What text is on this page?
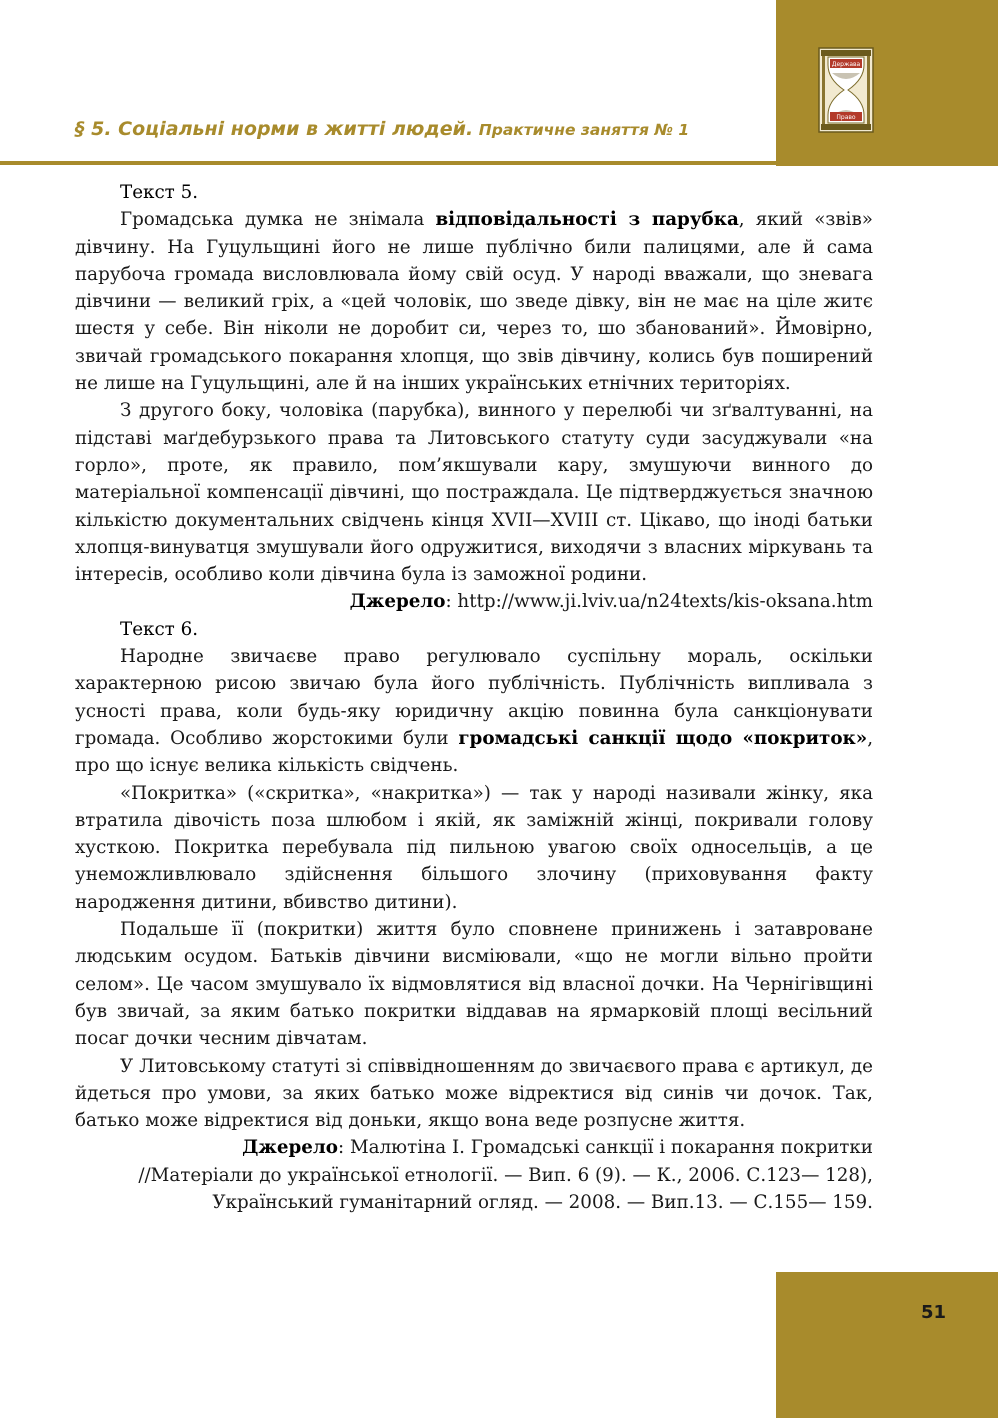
§ 5. Соціальні норми в житті людей. Практичне заняття № 1
Держава
Право

Текст 5.

Громадська думка не знімала відповідальності з парубка, який «звів» дівчину. На Гуцульщині його не лише публічно били палицями, але й сама парубоча громада висловлювала йому свій осуд. У народі вважали, що зневага дівчини — великий гріх, а «цей чоловік, шо зведе дівку, він не має на ціле житє шестя у себе. Він ніколи не доробит си, через то, шо збанований». Ймовірно, звичай громадського покарання хлопця, що звів дівчину, колись був поширений не лише на Гуцульщині, але й на інших українських етнічних територіях.

З другого боку, чоловіка (парубка), винного у перелюбі чи зґвалтуванні, на підставі маґдебурзького права та Литовського статуту суди засуджували «на горло», проте, як правило, пом’якшували кару, змушуючи винного до матеріальної компенсації дівчині, що постраждала. Це підтверджується значною кількістю документальних свідчень кінця XVII—XVIII ст. Цікаво, що іноді батьки хлопця-винуватця змушували його одружитися, виходячи з власних міркувань та інтересів, особливо коли дівчина була із заможної родини.

Джерело: http://www.ji.lviv.ua/n24texts/kis-oksana.htm

Текст 6.

Народне звичаєве право регулювало суспільну мораль, оскільки характерною рисою звичаю була його публічність. Публічність випливала з усності права, коли будь-яку юридичну акцію повинна була санкціонувати громада. Особливо жорстокими були громадські санкції щодо «покриток», про що існує велика кількість свідчень.

«Покритка» («скритка», «накритка») — так у народі називали жінку, яка втратила дівочість поза шлюбом і якій, як заміжній жінці, покривали голову хусткою. Покритка перебувала під пильною увагою своїх односельців, а це унеможливлювало здійснення більшого злочину (приховування факту народження дитини, вбивство дитини).

Подальше її (покритки) життя було сповнене принижень і затавроване людським осудом. Батьків дівчини висміювали, «що не могли вільно пройти селом». Це часом змушувало їх відмовлятися від власної дочки. На Чернігівщині був звичай, за яким батько покритки віддавав на ярмарковій площі весільний посаг дочки чесним дівчатам.

У Литовському статуті зі співвідношенням до звичаєвого права є артикул, де йдеться про умови, за яких батько може відректися від синів чи дочок. Так, батько може відректися від доньки, якщо вона веде розпусне життя.

Джерело: Малютіна І. Громадські санкції і покарання покритки
//Матеріали до української етнології. — Вип. 6 (9). — К., 2006. С.123— 128),
Український гуманітарний огляд. — 2008. — Вип.13. — С.155— 159.

51
